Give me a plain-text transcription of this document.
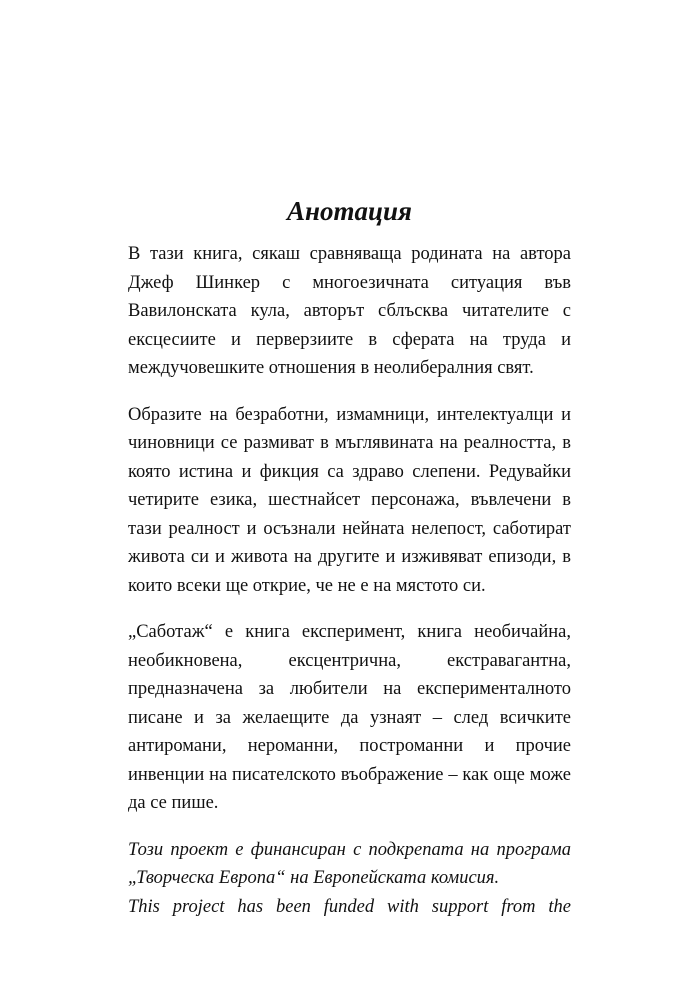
Анотация

В тази книга, сякаш сравняваща родината на автора Джеф Шинкер с многоезичната ситуация във Вавилонската кула, авторът сблъсква читателите с ексцесиите и перверзиите в сферата на труда и междучовешките отношения в неолибералния свят.

Образите на безработни, измамници, интелектуалци и чиновници се размиват в мъглявината на реалността, в която истина и фикция са здраво слепени. Редувайки четирите езика, шестнайсет персонажа, въвлечени в тази реалност и осъзнали нейната нелепост, саботират живота си и живота на другите и изживяват епизоди, в които всеки ще открие, че не е на мястото си.

„Саботаж“ е книга експеримент, книга необичайна, необикновена, ексцентрична, екстравагантна, предназначена за любители на експерименталното писане и за желаещите да узнаят – след всичките антиромани, нероманни, построманни и прочие инвенции на писателското въображение – как още може да се пише.

Този проект е финансиран с подкрепата на програма „Творческа Европа“ на Европейската комисия.

This project has been funded with support from the
